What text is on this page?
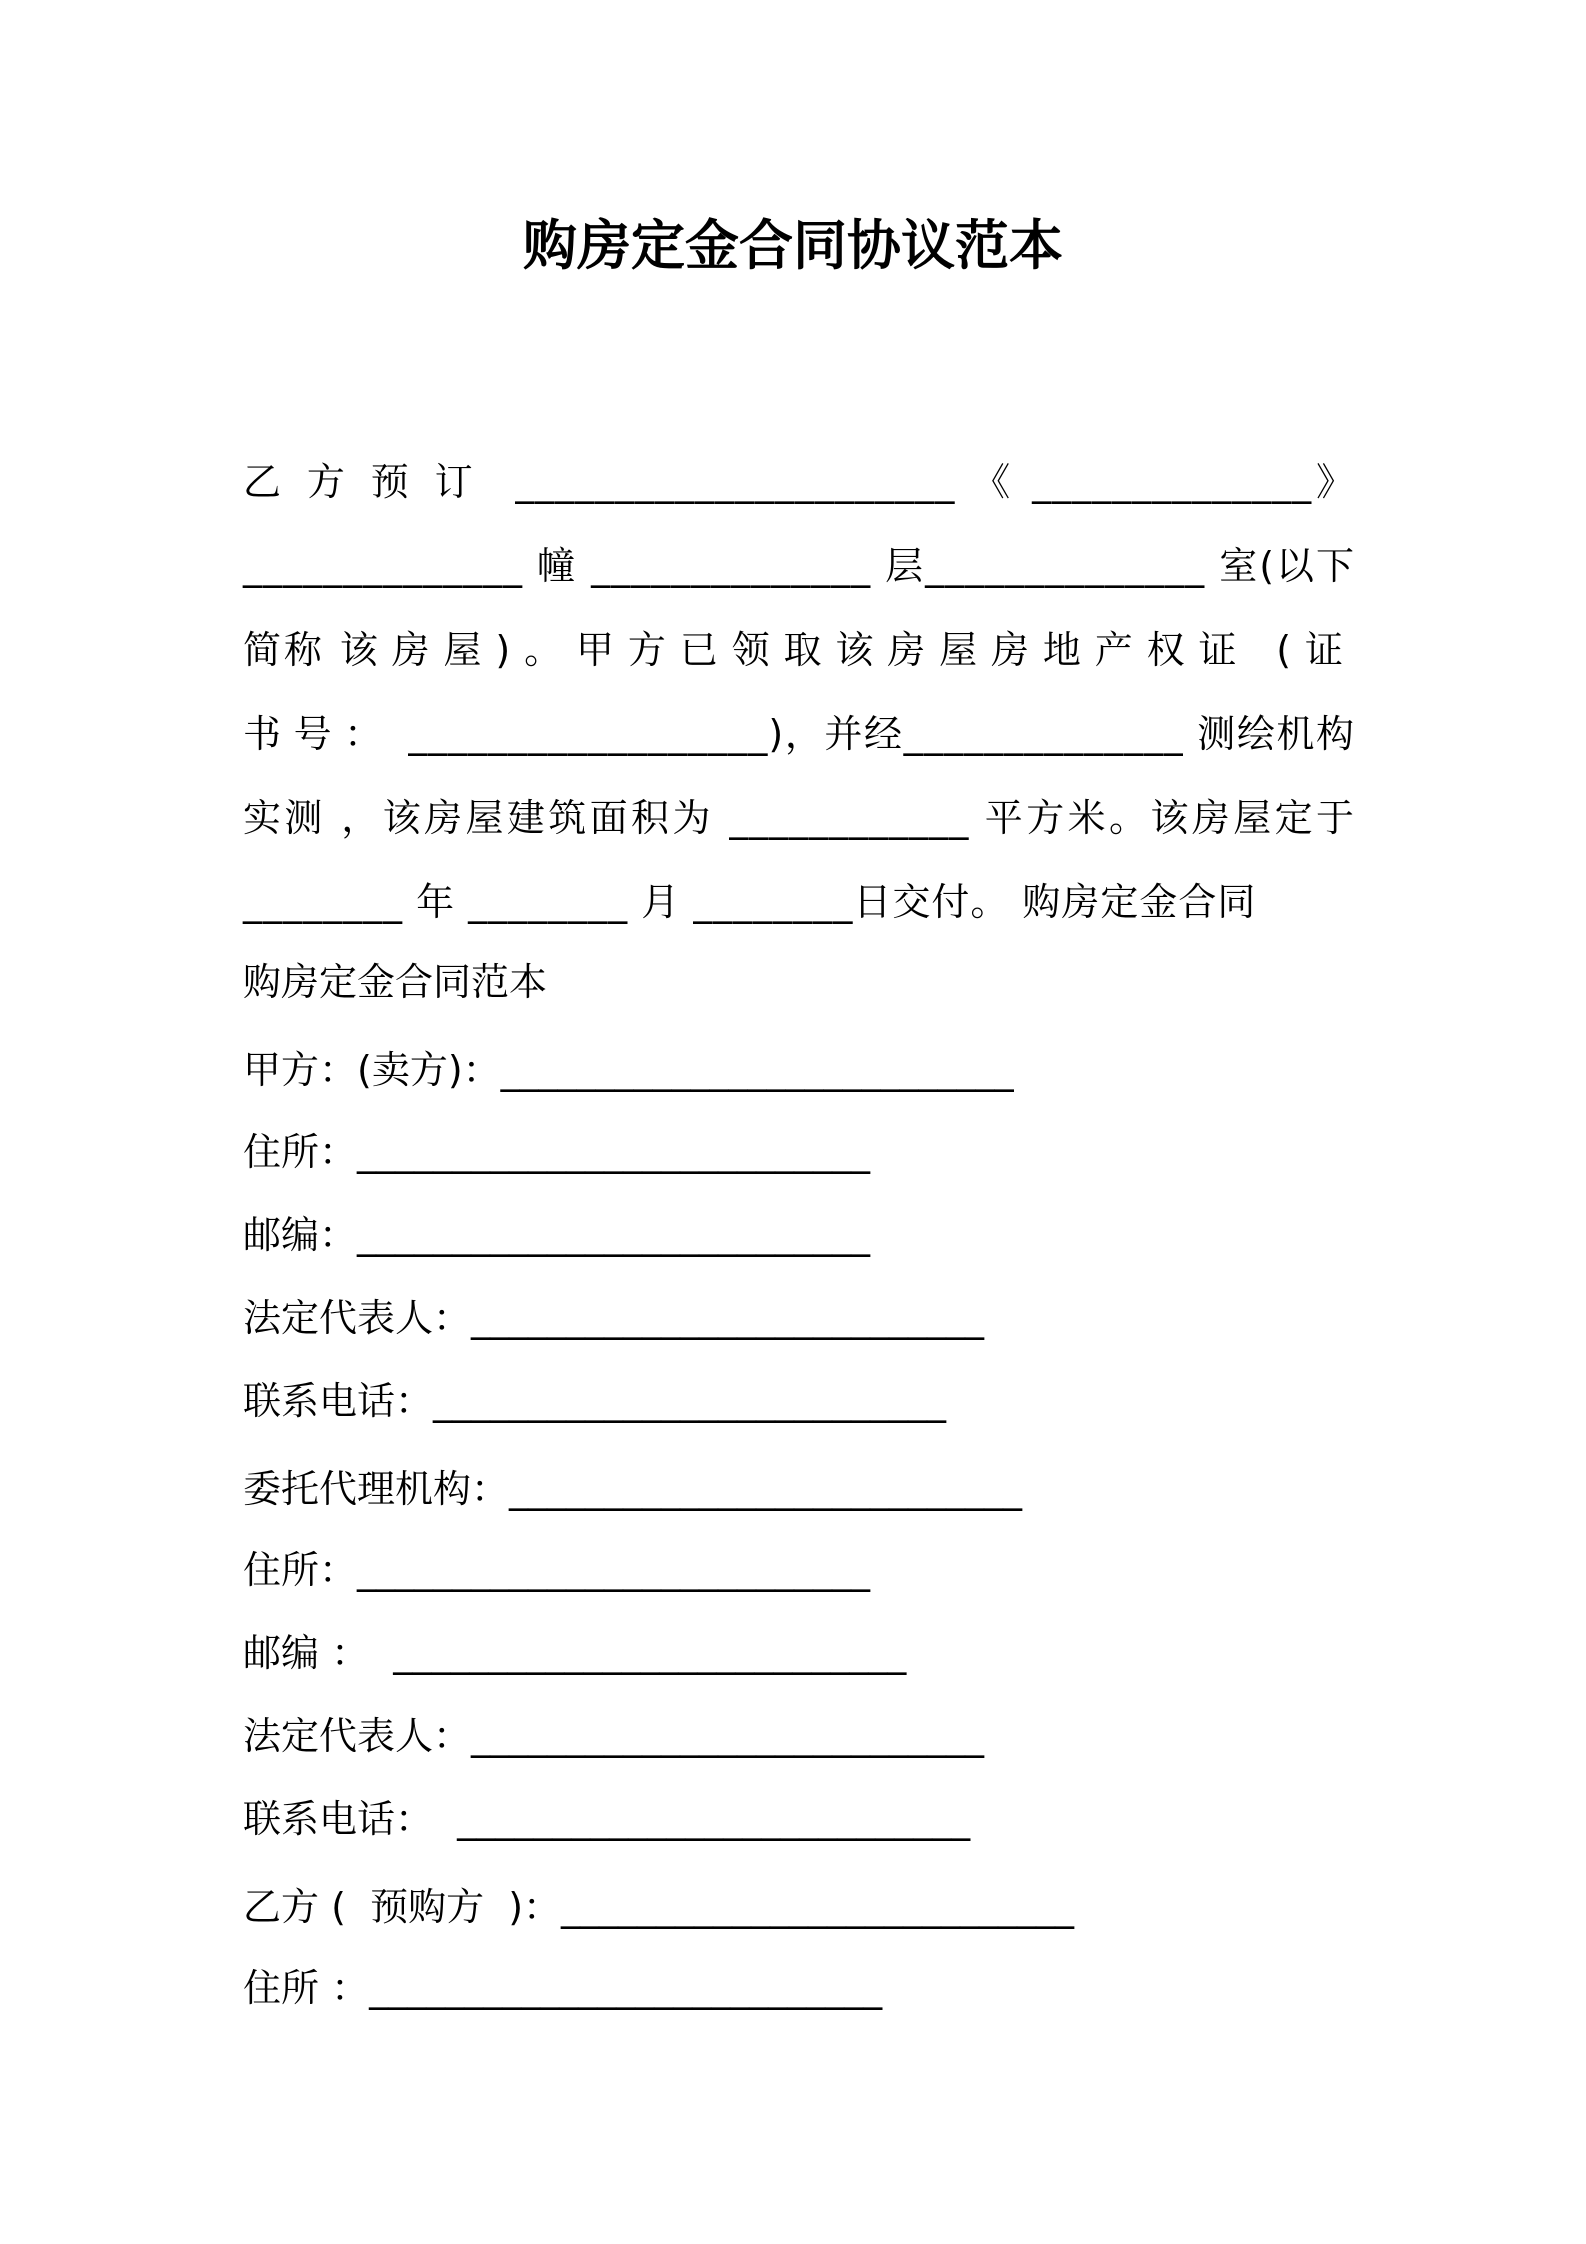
购房定金合同协议范本
乙方预订 ______________________ 《 ______________》 ______________ 幢 ______________ 层______________ 室(以下简称 该房屋)。甲方已领取该房屋房地产权证 (证书号： __________________)，并经______________ 测绘机构实测 ，该房屋建筑面积为 ____________ 平方米。该房屋定于 ________ 年 ________ 月 ________日交付。 购房定金合同
购房定金合同范本
甲方：(卖方)：___________________________
住所：___________________________
邮编：___________________________
法定代表人：___________________________
联系电话：___________________________
委托代理机构：___________________________
住所：___________________________
邮编 ：  ___________________________
法定代表人：___________________________
联系电话：  ___________________________
乙方 (  预购方  )：___________________________
住所 ：___________________________
